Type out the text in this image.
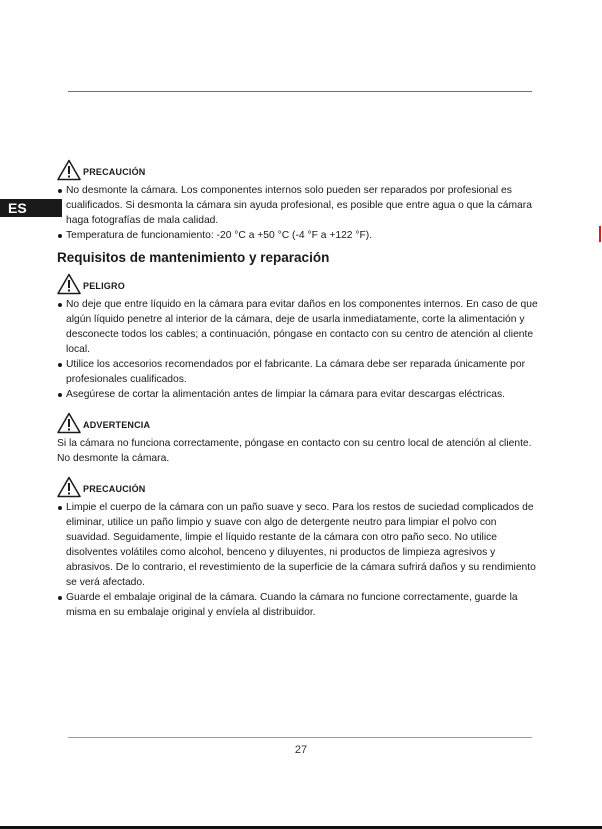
ES
PRECAUCIÓN
No desmonte la cámara. Los componentes internos solo pueden ser reparados por profesional es cualificados. Si desmonta la cámara sin ayuda profesional, es posible que entre agua o que la cámara haga fotografías de mala calidad.
Temperatura de funcionamiento: -20 °C a +50 °C (-4 °F a +122 °F).
Requisitos de mantenimiento y reparación
PELIGRO
No deje que entre líquido en la cámara para evitar daños en los componentes internos. En caso de que algún líquido penetre al interior de la cámara, deje de usarla inmediatamente, corte la alimentación y desconecte todos los cables; a continuación, póngase en contacto con su centro de atención al cliente local.
Utilice los accesorios recomendados por el fabricante. La cámara debe ser reparada únicamente por profesionales cualificados.
Asegúrese de cortar la alimentación antes de limpiar la cámara para evitar descargas eléctricas.
ADVERTENCIA

Si la cámara no funciona correctamente, póngase en contacto con su centro local de atención al cliente. No desmonte la cámara.

PRECAUCIÓN
Limpie el cuerpo de la cámara con un paño suave y seco. Para los restos de suciedad complicados de eliminar, utilice un paño limpio y suave con algo de detergente neutro para limpiar el polvo con suavidad. Seguidamente, limpie el líquido restante de la cámara con otro paño seco. No utilice disolventes volátiles como alcohol, benceno y diluyentes, ni productos de limpieza agresivos y abrasivos. De lo contrario, el revestimiento de la superficie de la cámara sufrirá daños y su rendimiento se verá afectado.
Guarde el embalaje original de la cámara. Cuando la cámara no funcione correctamente, guarde la misma en su embalaje original y envíela al distribuidor.
27
